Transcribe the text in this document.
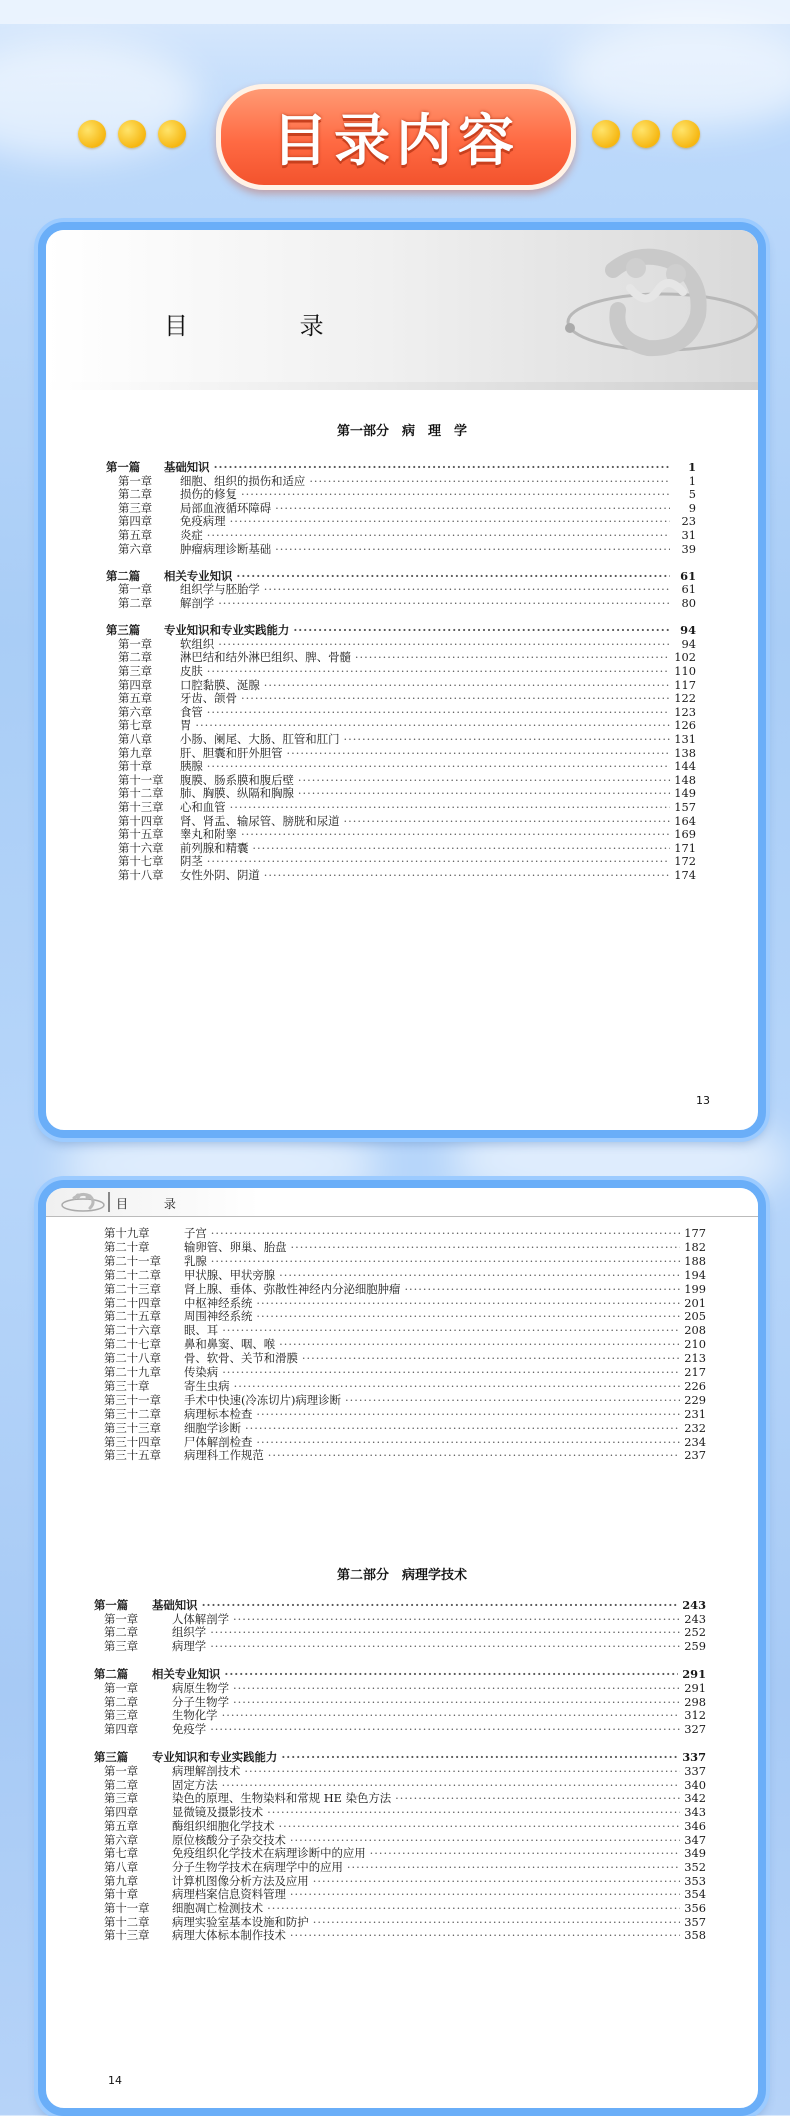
目录内容
目 录
第一部分　病　理　学
第一篇	基础知识 ·····	1
第一章	细胞、组织的损伤和适应 ·····	1
第二章	损伤的修复 ·····	5
第三章	局部血液循环障碍 ·····	9
第四章	免疫病理 ·····	23
第五章	炎症 ·····	31
第六章	肿瘤病理诊断基础 ·····	39
第二篇	相关专业知识 ·····	61
第一章	组织学与胚胎学 ·····	61
第二章	解剖学 ·····	80
第三篇	专业知识和专业实践能力 ·····	94
第一章	软组织 ·····	94
第二章	淋巴结和结外淋巴组织、脾、骨髓 ·····	102
第三章	皮肤 ·····	110
第四章	口腔黏膜、涎腺 ·····	117
第五章	牙齿、颌骨 ·····	122
第六章	食管 ·····	123
第七章	胃 ·····	126
第八章	小肠、阑尾、大肠、肛管和肛门 ·····	131
第九章	肝、胆囊和肝外胆管 ·····	138
第十章	胰腺 ·····	144
第十一章	腹膜、肠系膜和腹后壁 ·····	148
第十二章	肺、胸膜、纵隔和胸腺 ·····	149
第十三章	心和血管 ·····	157
第十四章	肾、肾盂、输尿管、膀胱和尿道 ·····	164
第十五章	睾丸和附睾 ·····	169
第十六章	前列腺和精囊 ·····	171
第十七章	阴茎 ·····	172
第十八章	女性外阴、阴道 ·····	174
13
目 录
第十九章	子宫 ·····	177
第二十章	输卵管、卵巢、胎盘 ·····	182
第二十一章	乳腺 ·····	188
第二十二章	甲状腺、甲状旁腺 ·····	194
第二十三章	肾上腺、垂体、弥散性神经内分泌细胞肿瘤 ·····	199
第二十四章	中枢神经系统 ·····	201
第二十五章	周围神经系统 ·····	205
第二十六章	眼、耳 ·····	208
第二十七章	鼻和鼻窦、咽、喉 ·····	210
第二十八章	骨、软骨、关节和滑膜 ·····	213
第二十九章	传染病 ·····	217
第三十章	寄生虫病 ·····	226
第三十一章	手术中快速(冷冻切片)病理诊断 ·····	229
第三十二章	病理标本检查 ·····	231
第三十三章	细胞学诊断 ·····	232
第三十四章	尸体解剖检查 ·····	234
第三十五章	病理科工作规范 ·····	237
第二部分　病理学技术
第一篇	基础知识 ·····	243
第一章	人体解剖学 ·····	243
第二章	组织学 ·····	252
第三章	病理学 ·····	259
第二篇	相关专业知识 ·····	291
第一章	病原生物学 ·····	291
第二章	分子生物学 ·····	298
第三章	生物化学 ·····	312
第四章	免疫学 ·····	327
第三篇	专业知识和专业实践能力 ·····	337
第一章	病理解剖技术 ·····	337
第二章	固定方法 ·····	340
第三章	染色的原理、生物染料和常规 HE 染色方法 ·····	342
第四章	显微镜及摄影技术 ·····	343
第五章	酶组织细胞化学技术 ·····	346
第六章	原位核酸分子杂交技术 ·····	347
第七章	免疫组织化学技术在病理诊断中的应用 ·····	349
第八章	分子生物学技术在病理学中的应用 ·····	352
第九章	计算机图像分析方法及应用 ·····	353
第十章	病理档案信息资料管理 ·····	354
第十一章	细胞凋亡检测技术 ·····	356
第十二章	病理实验室基本设施和防护 ·····	357
第十三章	病理大体标本制作技术 ·····	358
14
